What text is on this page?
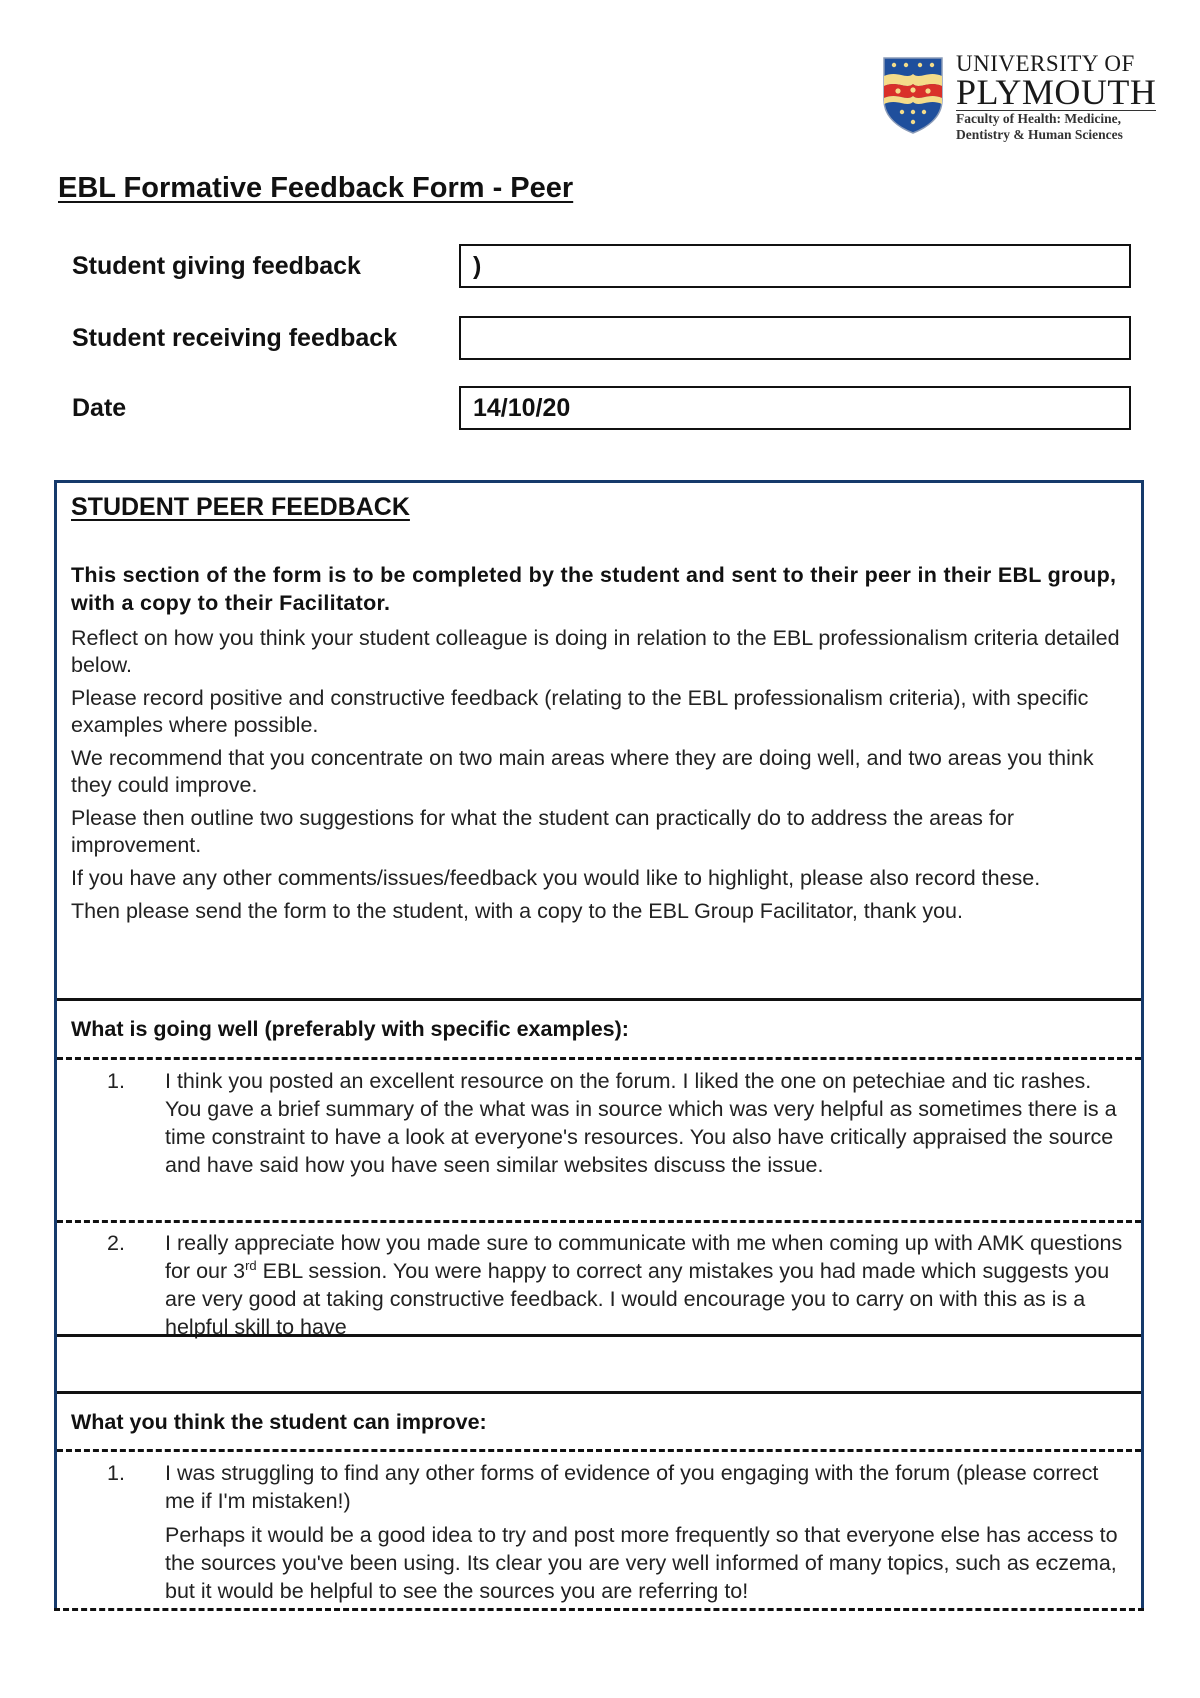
UNIVERSITY OF
PLYMOUTH
Faculty of Health: Medicine,
Dentistry & Human Sciences
EBL Formative Feedback Form - Peer
Student giving feedback	)
Student receiving feedback
Date	14/10/20
STUDENT PEER FEEDBACK
This section of the form is to be completed by the student and sent to their peer in their EBL group, with a copy to their Facilitator.

Reflect on how you think your student colleague is doing in relation to the EBL professionalism criteria detailed below.

Please record positive and constructive feedback (relating to the EBL professionalism criteria), with specific examples where possible.

We recommend that you concentrate on two main areas where they are doing well, and two areas you think they could improve.

Please then outline two suggestions for what the student can practically do to address the areas for improvement.

If you have any other comments/issues/feedback you would like to highlight, please also record these.

Then please send the form to the student, with a copy to the EBL Group Facilitator, thank you.

What is going well (preferably with specific examples):
1. I think you posted an excellent resource on the forum. I liked the one on petechiae and tic rashes. You gave a brief summary of the what was in source which was very helpful as sometimes there is a time constraint to have a look at everyone's resources. You also have critically appraised the source and have said how you have seen similar websites discuss the issue.
2. I really appreciate how you made sure to communicate with me when coming up with AMK questions for our 3rd EBL session. You were happy to correct any mistakes you had made which suggests you are very good at taking constructive feedback. I would encourage you to carry on with this as is a helpful skill to have
What you think the student can improve:
1. I was struggling to find any other forms of evidence of you engaging with the forum (please correct me if I'm mistaken!)

Perhaps it would be a good idea to try and post more frequently so that everyone else has access to the sources you've been using. Its clear you are very well informed of many topics, such as eczema, but it would be helpful to see the sources you are referring to!
